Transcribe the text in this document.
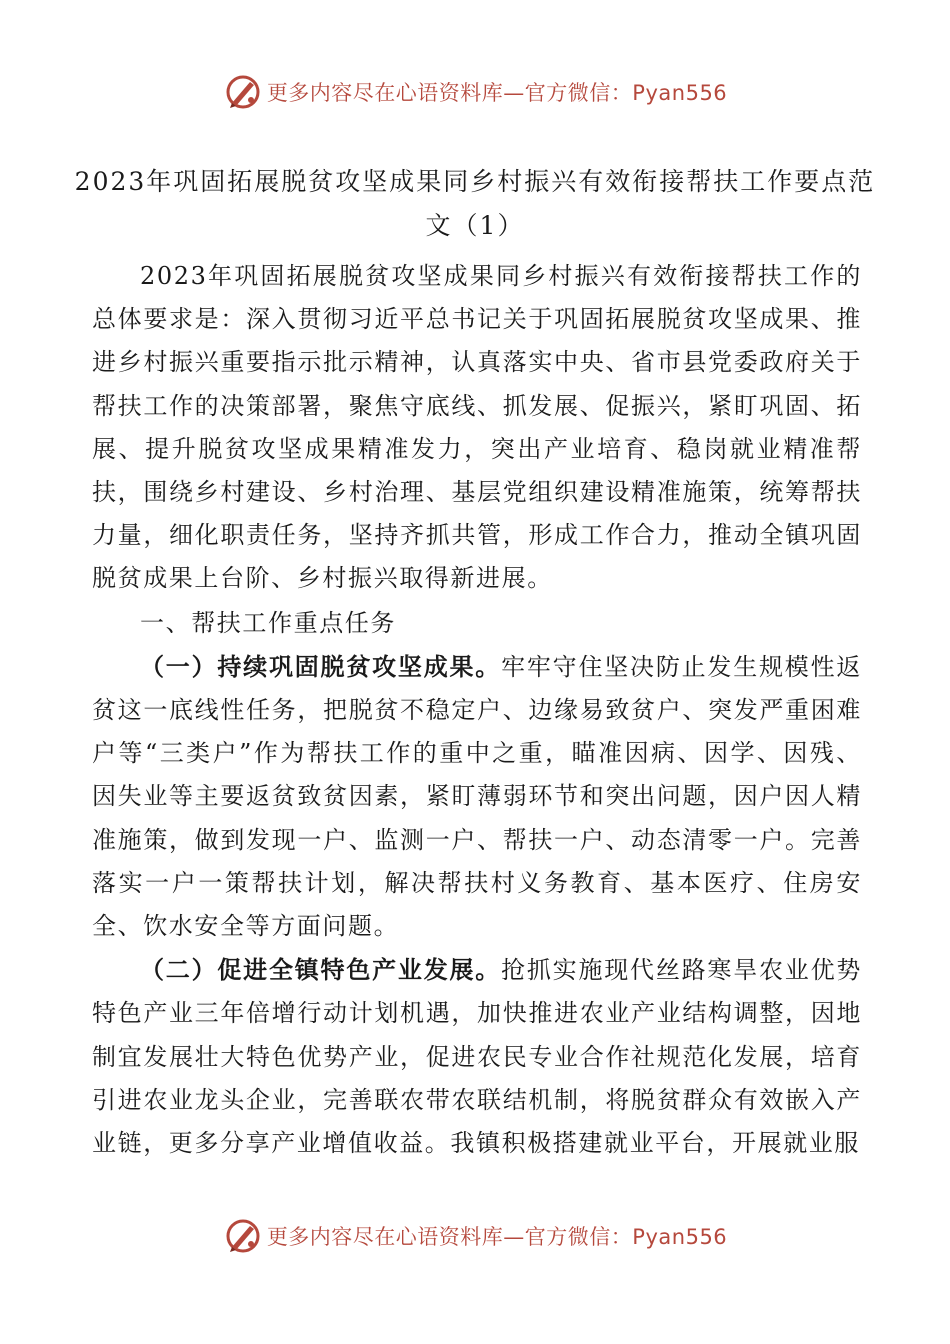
更多内容尽在心语资料库—官方微信：Pyan556
2023年巩固拓展脱贫攻坚成果同乡村振兴有效衔接帮扶工作要点范文（1）

2023年巩固拓展脱贫攻坚成果同乡村振兴有效衔接帮扶工作的总体要求是：深入贯彻习近平总书记关于巩固拓展脱贫攻坚成果、推进乡村振兴重要指示批示精神，认真落实中央、省市县党委政府关于帮扶工作的决策部署，聚焦守底线、抓发展、促振兴，紧盯巩固、拓展、提升脱贫攻坚成果精准发力，突出产业培育、稳岗就业精准帮扶，围绕乡村建设、乡村治理、基层党组织建设精准施策，统筹帮扶力量，细化职责任务，坚持齐抓共管，形成工作合力，推动全镇巩固脱贫成果上台阶、乡村振兴取得新进展。

一、帮扶工作重点任务

（一）持续巩固脱贫攻坚成果。牢牢守住坚决防止发生规模性返贫这一底线性任务，把脱贫不稳定户、边缘易致贫户、突发严重困难户等“三类户”作为帮扶工作的重中之重，瞄准因病、因学、因残、因失业等主要返贫致贫因素，紧盯薄弱环节和突出问题，因户因人精准施策，做到发现一户、监测一户、帮扶一户、动态清零一户。完善落实一户一策帮扶计划，解决帮扶村义务教育、基本医疗、住房安全、饮水安全等方面问题。

（二）促进全镇特色产业发展。抢抓实施现代丝路寒旱农业优势特色产业三年倍增行动计划机遇，加快推进农业产业结构调整，因地制宜发展壮大特色优势产业，促进农民专业合作社规范化发展，培育引进农业龙头企业，完善联农带农联结机制，将脱贫群众有效嵌入产业链，更多分享产业增值收益。我镇积极搭建就业平台，开展就业服

更多内容尽在心语资料库—官方微信：Pyan556
